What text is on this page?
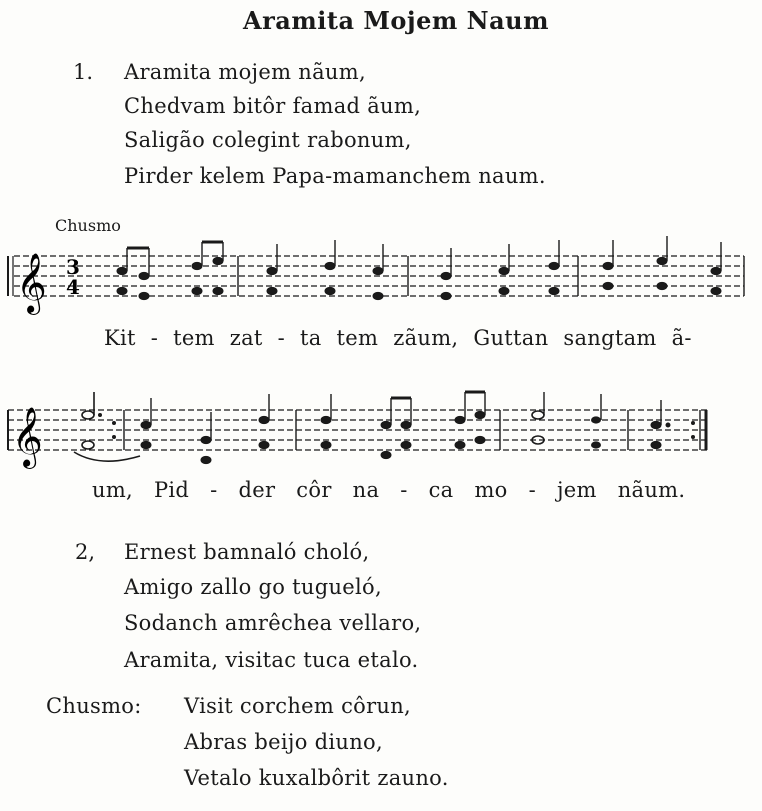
Aramita Mojem Naum
1. Aramita mojem nãum,
Chedvam bitôr famad ãum,
Saligão colegint rabonum,
Pirder kelem Papa-mamanchem naum.
Chusmo
𝄞 3
4
Kit - tem zat - ta tem zãum, Guttan sangtam ã-
𝄞
um, Pid - der côr na - ca mo - jem nãum.
2, Ernest bamnaló choló,
Amigo zallo go tugueló,
Sodanch amrêchea vellaro,
Aramita, visitac tuca etalo.
Chusmo: Visit corchem côrun,
Abras beijo diuno,
Vetalo kuxalbôrit zauno.
